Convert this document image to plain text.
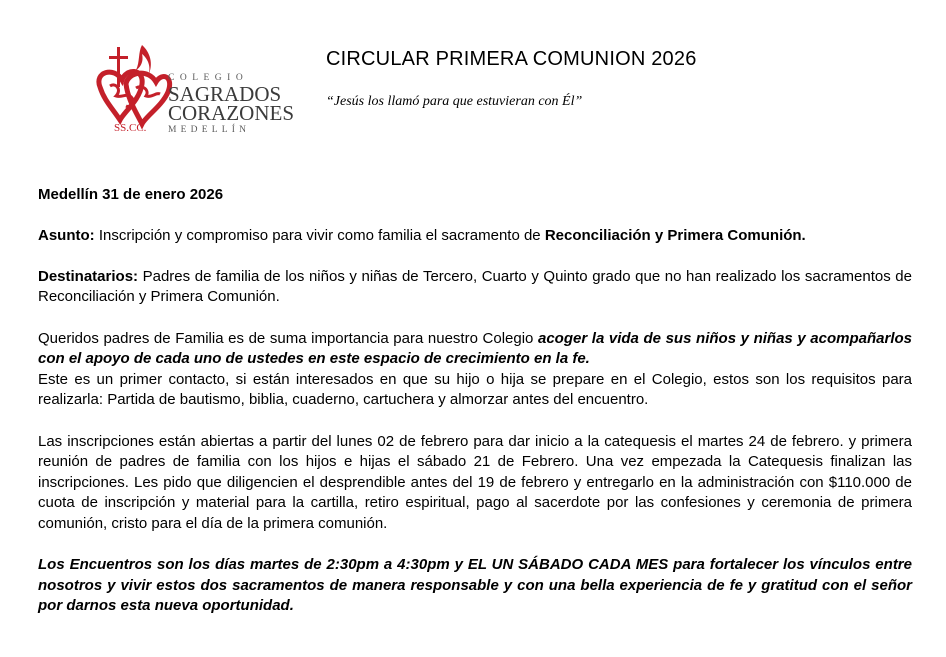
COLEGIO
SAGRADOS
CORAZONES
MEDELLÍN
SS.CC.
CIRCULAR PRIMERA COMUNION 2026
“Jesús los llamó para que estuvieran con Él”

Medellín 31 de enero 2026

Asunto: Inscripción y compromiso para vivir como familia el sacramento de Reconciliación y Primera Comunión.

Destinatarios: Padres de familia de los niños y niñas de Tercero, Cuarto y Quinto grado que no han realizado los sacramentos de Reconciliación y Primera Comunión.

Queridos padres de Familia es de suma importancia para nuestro Colegio acoger la vida de sus niños y niñas y acompañarlos con el apoyo de cada uno de ustedes en este espacio de crecimiento en la fe.

Este es un primer contacto, si están interesados en que su hijo o hija se prepare en el Colegio, estos son los requisitos para realizarla: Partida de bautismo, biblia, cuaderno, cartuchera y almorzar antes del encuentro.

Las inscripciones están abiertas a partir del lunes 02 de febrero para dar inicio a la catequesis el martes 24 de febrero. y primera reunión de padres de familia con los hijos e hijas el sábado 21 de Febrero. Una vez empezada la Catequesis finalizan las inscripciones. Les pido que diligencien el desprendible antes del 19 de febrero y entregarlo en la administración con $110.000 de cuota de inscripción y material para la cartilla, retiro espiritual, pago al sacerdote por las confesiones y ceremonia de primera comunión, cristo para el día de la primera comunión.

Los Encuentros son los días martes de 2:30pm a 4:30pm y EL UN SÁBADO CADA MES para fortalecer los vínculos entre nosotros y vivir estos dos sacramentos de manera responsable y con una bella experiencia de fe y gratitud con el señor por darnos esta nueva oportunidad.
